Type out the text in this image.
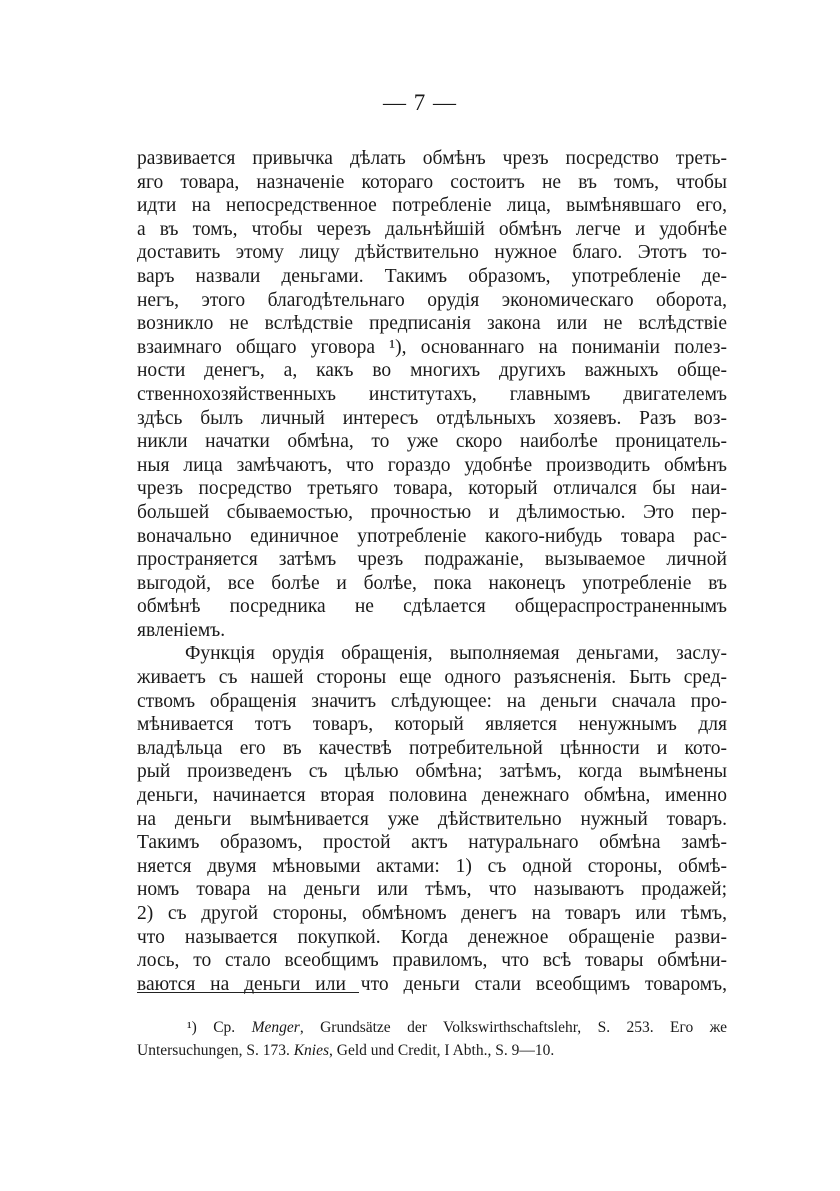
— 7 —
развивается привычка дѣлать обмѣнъ чрезъ посредство треть-
яго товара, назначеніе котораго состоитъ не въ томъ, чтобы
идти на непосредственное потребленіе лица, вымѣнявшаго его,
а въ томъ, чтобы черезъ дальнѣйшій обмѣнъ легче и удобнѣе
доставить этому лицу дѣйствительно нужное благо. Этотъ то-
варъ назвали деньгами. Такимъ образомъ, употребленіе де-
негъ, этого благодѣтельнаго орудія экономическаго оборота,
возникло не вслѣдствіе предписанія закона или не вслѣдствіе
взаимнаго общаго уговора ¹), основаннаго на пониманіи полез-
ности денегъ, а, какъ во многихъ другихъ важныхъ обще-
ственнохозяйственныхъ институтахъ, главнымъ двигателемъ
здѣсь былъ личный интересъ отдѣльныхъ хозяевъ. Разъ воз-
никли начатки обмѣна, то уже скоро наиболѣе проницатель-
ныя лица замѣчаютъ, что гораздо удобнѣе производить обмѣнъ
чрезъ посредство третьяго товара, который отличался бы наи-
большей сбываемостью, прочностью и дѣлимостью. Это пер-
воначально единичное употребленіе какого-нибудь товара рас-
пространяется затѣмъ чрезъ подражаніе, вызываемое личной
выгодой, все болѣе и болѣе, пока наконецъ употребленіе въ
обмѣнѣ посредника не сдѣлается общераспространеннымъ
явленіемъ.
Функція орудія обращенія, выполняемая деньгами, заслу-
живаетъ съ нашей стороны еще одного разъясненія. Быть сред-
ствомъ обращенія значитъ слѣдующее: на деньги сначала про-
мѣнивается тотъ товаръ, который является ненужнымъ для
владѣльца его въ качествѣ потребительной цѣнности и кото-
рый произведенъ съ цѣлью обмѣна; затѣмъ, когда вымѣнены
деньги, начинается вторая половина денежнаго обмѣна, именно
на деньги вымѣнивается уже дѣйствительно нужный товаръ.
Такимъ образомъ, простой актъ натуральнаго обмѣна замѣ-
няется двумя мѣновыми актами: 1) съ одной стороны, обмѣ-
номъ товара на деньги или тѣмъ, что называютъ продажей;
2) съ другой стороны, обмѣномъ денегъ на товаръ или тѣмъ,
что называется покупкой. Когда денежное обращеніе разви-
лось, то стало всеобщимъ правиломъ, что всѣ товары обмѣни-
ваются на деньги или что деньги стали всеобщимъ товаромъ,
¹) Ср. Menger, Grundsätze der Volkswirthschaftslehr, S. 253. Его же
Untersuchungen, S. 173. Knies, Geld und Credit, I Abth., S. 9—10.
